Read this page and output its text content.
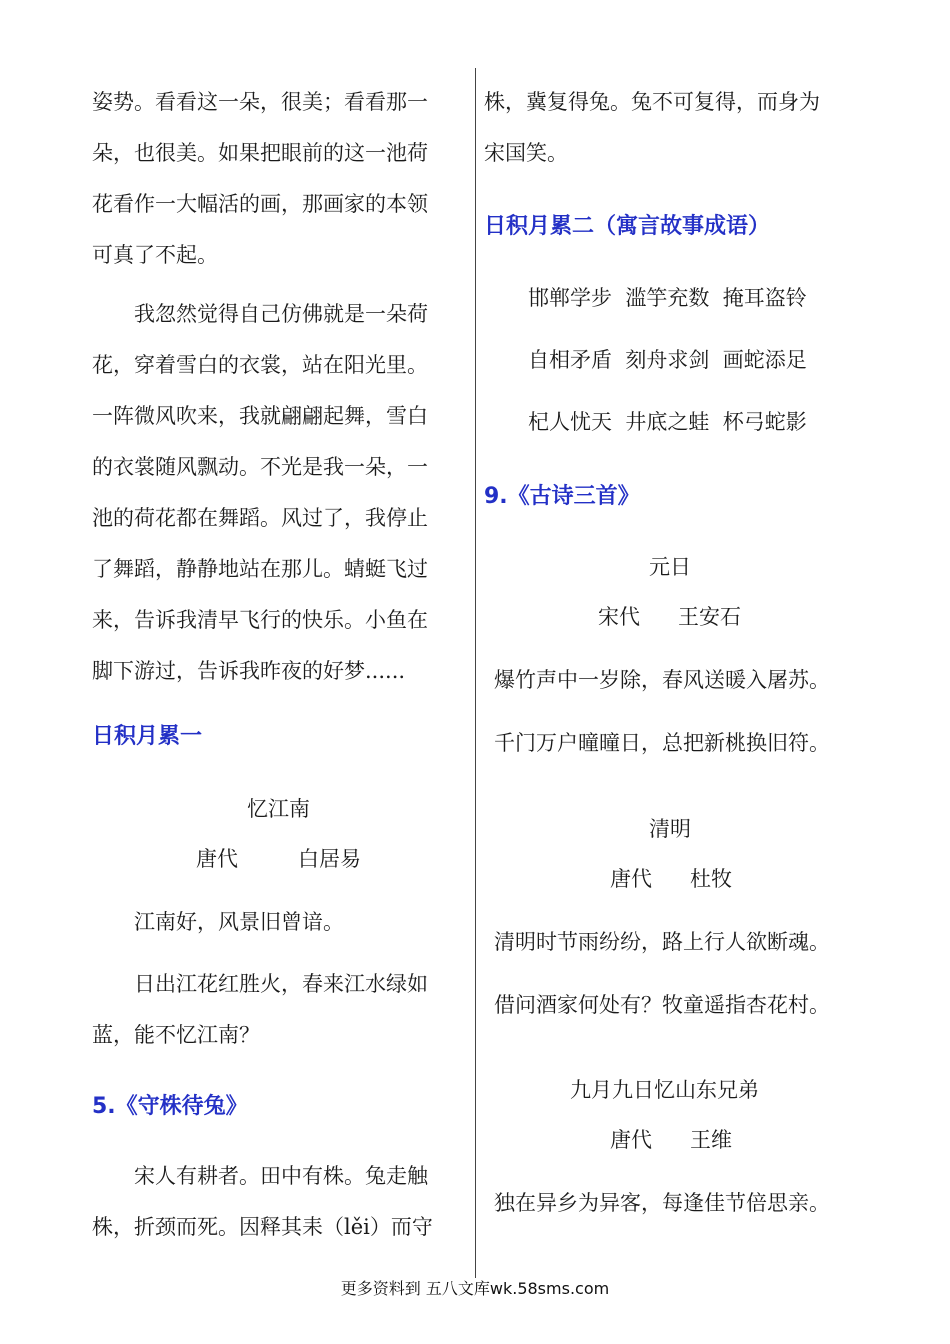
姿势。看看这一朵，很美；看看那一
朵，也很美。如果把眼前的这一池荷
花看作一大幅活的画，那画家的本领
可真了不起。
我忽然觉得自己仿佛就是一朵荷
花，穿着雪白的衣裳，站在阳光里。
一阵微风吹来，我就翩翩起舞，雪白
的衣裳随风飘动。不光是我一朵，一
池的荷花都在舞蹈。风过了，我停止
了舞蹈，静静地站在那儿。蜻蜓飞过
来，告诉我清早飞行的快乐。小鱼在
脚下游过，告诉我昨夜的好梦......
日积月累一
忆江南
唐代	白居易
江南好，风景旧曾谙。
日出江花红胜火，春来江水绿如
蓝，能不忆江南？
5.《守株待兔》
宋人有耕者。田中有株。兔走触
株，折颈而死。因释其耒（lěi）而守
株，冀复得兔。兔不可复得，而身为
宋国笑。
日积月累二（寓言故事成语）
邯郸学步  滥竽充数  掩耳盗铃
自相矛盾  刻舟求剑  画蛇添足
杞人忧天  井底之蛙  杯弓蛇影
9.《古诗三首》
元日
宋代 王安石
爆竹声中一岁除，春风送暖入屠苏。
千门万户曈曈日，总把新桃换旧符。
清明
唐代 杜牧
清明时节雨纷纷，路上行人欲断魂。
借问酒家何处有？牧童遥指杏花村。
九月九日忆山东兄弟
唐代 王维
独在异乡为异客，每逢佳节倍思亲。
更多资料到 五八文库wk.58sms.com
